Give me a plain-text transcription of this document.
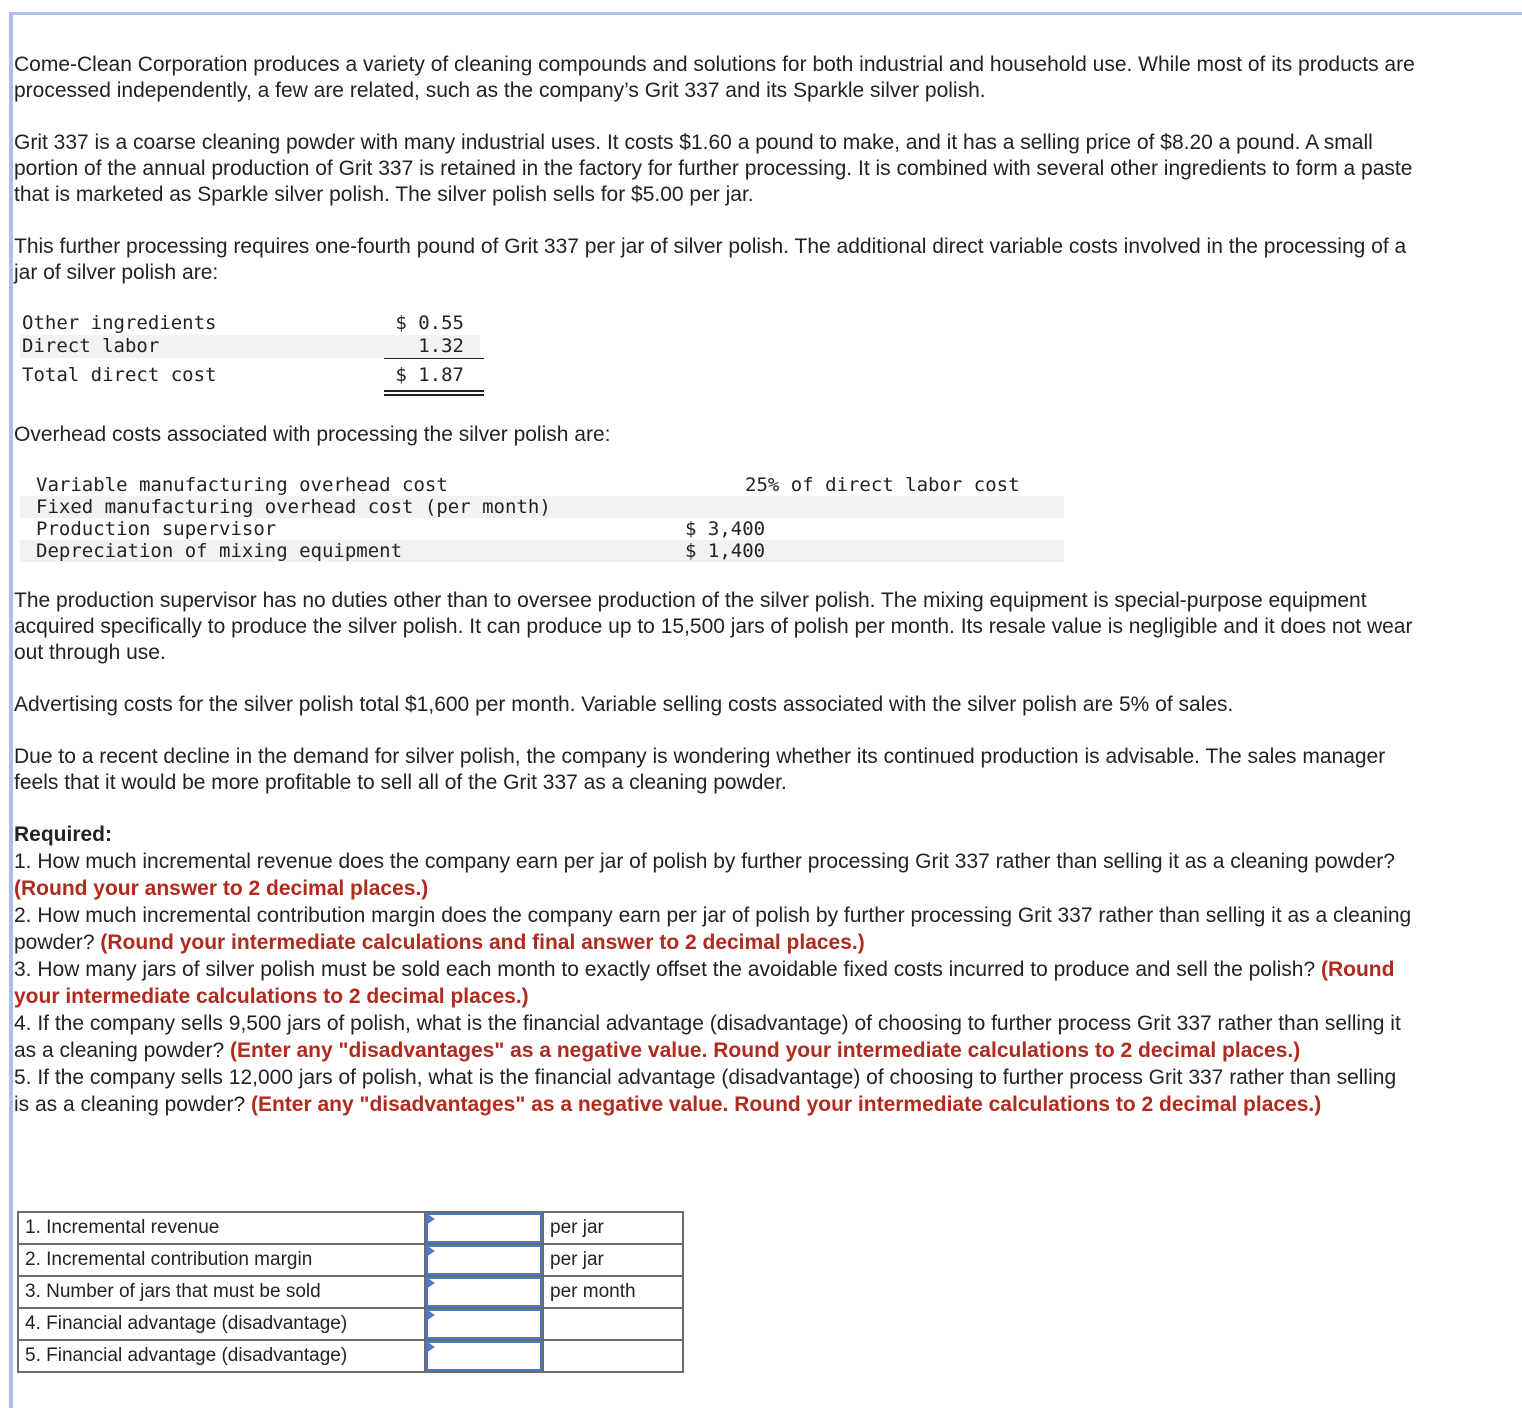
Come-Clean Corporation produces a variety of cleaning compounds and solutions for both industrial and household use. While most of its products are processed independently, a few are related, such as the company’s Grit 337 and its Sparkle silver polish.

Grit 337 is a coarse cleaning powder with many industrial uses. It costs $1.60 a pound to make, and it has a selling price of $8.20 a pound. A small portion of the annual production of Grit 337 is retained in the factory for further processing. It is combined with several other ingredients to form a paste that is marketed as Sparkle silver polish. The silver polish sells for $5.00 per jar.

This further processing requires one-fourth pound of Grit 337 per jar of silver polish. The additional direct variable costs involved in the processing of a jar of silver polish are:

Other ingredients	$ 0.55
Direct labor	1.32
Total direct cost	$ 1.87

Overhead costs associated with processing the silver polish are:

Variable manufacturing overhead cost	25% of direct labor cost
Fixed manufacturing overhead cost (per month)
Production supervisor	$ 3,400
Depreciation of mixing equipment	$ 1,400

The production supervisor has no duties other than to oversee production of the silver polish. The mixing equipment is special-purpose equipment acquired specifically to produce the silver polish. It can produce up to 15,500 jars of polish per month. Its resale value is negligible and it does not wear out through use.

Advertising costs for the silver polish total $1,600 per month. Variable selling costs associated with the silver polish are 5% of sales.

Due to a recent decline in the demand for silver polish, the company is wondering whether its continued production is advisable. The sales manager feels that it would be more profitable to sell all of the Grit 337 as a cleaning powder.

Required:

1. How much incremental revenue does the company earn per jar of polish by further processing Grit 337 rather than selling it as a cleaning powder? (Round your answer to 2 decimal places.)

2. How much incremental contribution margin does the company earn per jar of polish by further processing Grit 337 rather than selling it as a cleaning powder? (Round your intermediate calculations and final answer to 2 decimal places.)

3. How many jars of silver polish must be sold each month to exactly offset the avoidable fixed costs incurred to produce and sell the polish? (Round your intermediate calculations to 2 decimal places.)

4. If the company sells 9,500 jars of polish, what is the financial advantage (disadvantage) of choosing to further process Grit 337 rather than selling it as a cleaning powder? (Enter any "disadvantages" as a negative value. Round your intermediate calculations to 2 decimal places.)

5. If the company sells 12,000 jars of polish, what is the financial advantage (disadvantage) of choosing to further process Grit 337 rather than selling is as a cleaning powder? (Enter any "disadvantages" as a negative value. Round your intermediate calculations to 2 decimal places.)

1. Incremental revenue		per jar
2. Incremental contribution margin		per jar
3. Number of jars that must be sold		per month
4. Financial advantage (disadvantage)	

5. Financial advantage (disadvantage)	
